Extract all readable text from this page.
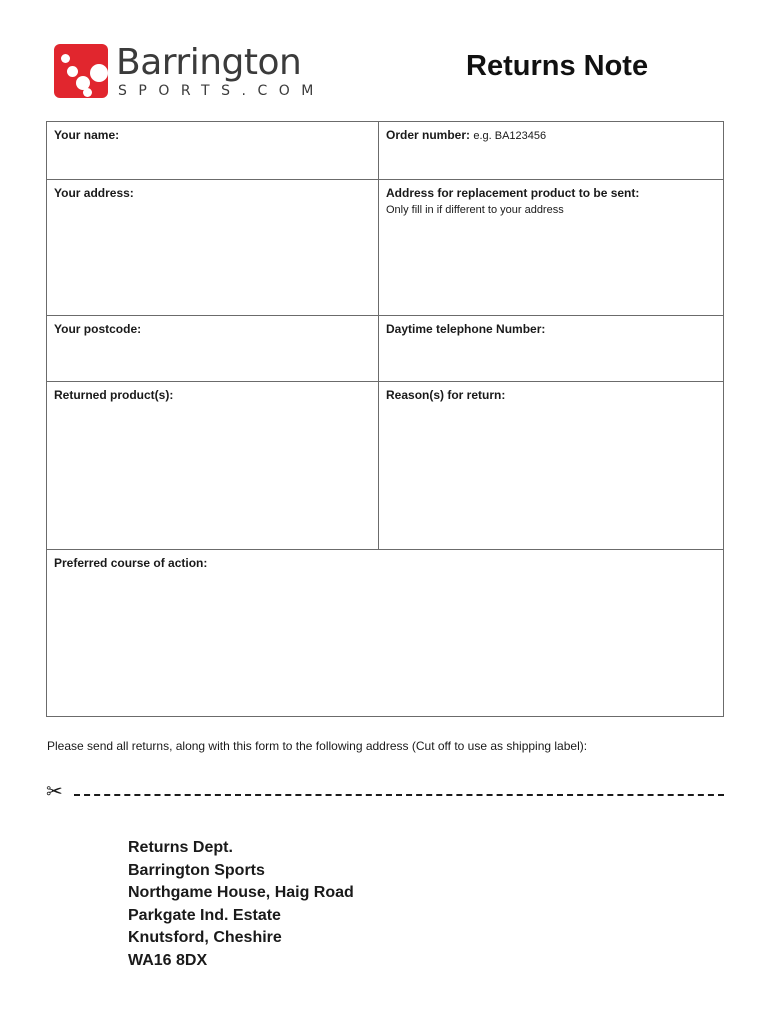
Barrington
SPORTS.COM
Returns Note
Your name:	Order number: e.g. BA123456
Your address:	Address for replacement product to be sent:
Only fill in if different to your address
Your postcode:	Daytime telephone Number:
Returned product(s):	Reason(s) for return:
Preferred course of action:
Please send all returns, along with this form to the following address (Cut off to use as shipping label):
✂
Returns Dept.
Barrington Sports
Northgame House, Haig Road
Parkgate Ind. Estate
Knutsford, Cheshire
WA16 8DX
